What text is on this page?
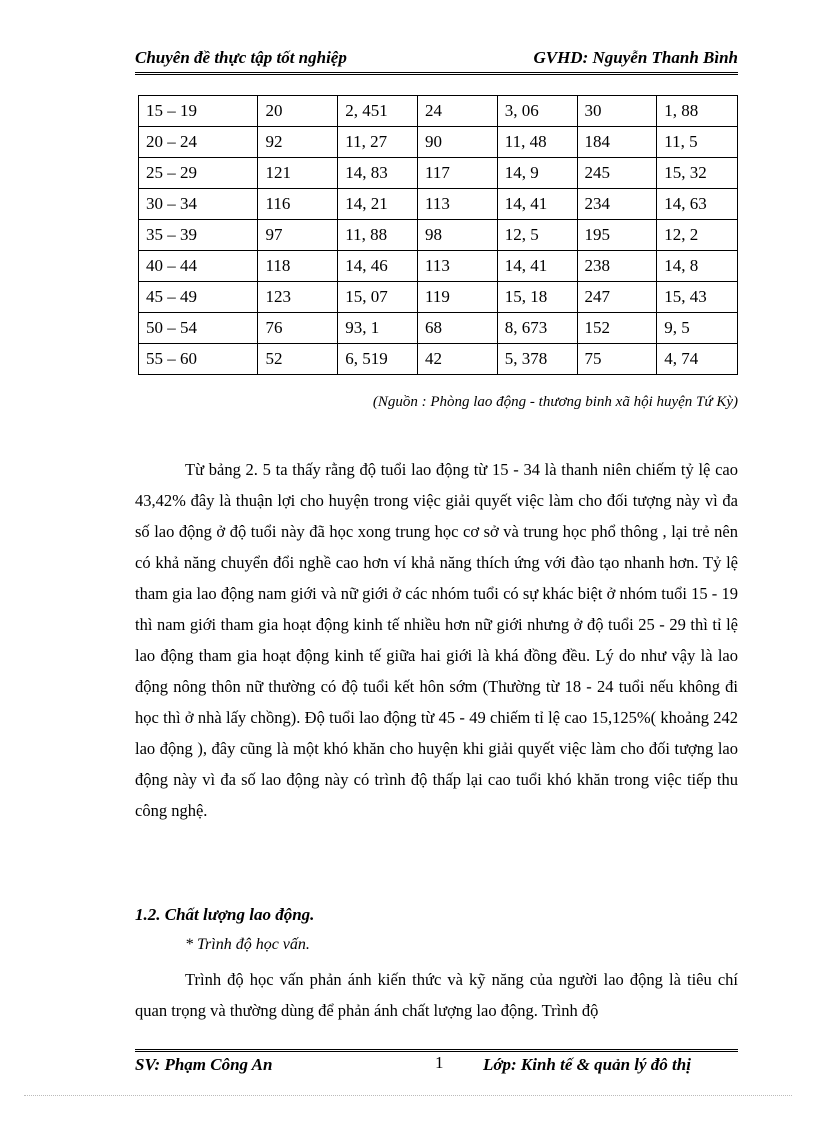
Chuyên đề thực tập tốt nghiệp	GVHD: Nguyễn Thanh Bình
15 – 19	20	2, 451	24	3, 06	30	1, 88
20 – 24	92	11, 27	90	11, 48	184	11, 5
25 – 29	121	14, 83	117	14, 9	245	15, 32
30 – 34	116	14, 21	113	14, 41	234	14, 63
35 – 39	97	11, 88	98	12, 5	195	12, 2
40 – 44	118	14, 46	113	14, 41	238	14, 8
45 – 49	123	15, 07	119	15, 18	247	15, 43
50 – 54	76	93, 1	68	8, 673	152	9, 5
55 – 60	52	6, 519	42	5, 378	75	4, 74
(Nguồn : Phòng lao động - thương binh xã hội huyện Tứ Kỳ)

Từ bảng 2. 5 ta thấy rằng độ tuổi lao động từ 15 - 34 là thanh niên chiếm tỷ lệ cao 43,42% đây là thuận lợi cho huyện trong việc giải quyết việc làm cho đối tượng này vì đa số lao động ở độ tuổi này đã học xong trung học cơ sở và trung học phổ thông , lại trẻ nên có khả năng chuyển đổi nghề cao hơn ví khả năng thích ứng với đào tạo nhanh hơn. Tỷ lệ tham gia lao động nam giới và nữ giới ở các nhóm tuổi có sự khác biệt ở nhóm tuổi 15 - 19 thì nam giới tham gia hoạt động kinh tế nhiều hơn nữ giới nhưng ở độ tuổi 25 - 29 thì tỉ lệ lao động tham gia hoạt động kinh tế giữa hai giới là khá đồng đều. Lý do như vậy là lao động nông thôn nữ thường có độ tuổi kết hôn sớm (Thường từ 18 - 24 tuổi nếu không đi học thì ở nhà lấy chồng). Độ tuổi lao động từ 45 - 49 chiếm tỉ lệ cao 15,125%( khoảng 242 lao động ), đây cũng là một khó khăn cho huyện khi giải quyết việc làm cho đối tượng lao động này vì đa số lao động này có trình độ thấp lại cao tuổi khó khăn trong việc tiếp thu công nghệ.

1.2. Chất lượng lao động.
* Trình độ học vấn.

Trình độ học vấn phản ánh kiến thức và kỹ năng của người lao động là tiêu chí quan trọng và thường dùng để phản ánh chất lượng lao động. Trình độ

SV: Phạm Công An	1 Lớp: Kinh tế & quản lý đô thị
